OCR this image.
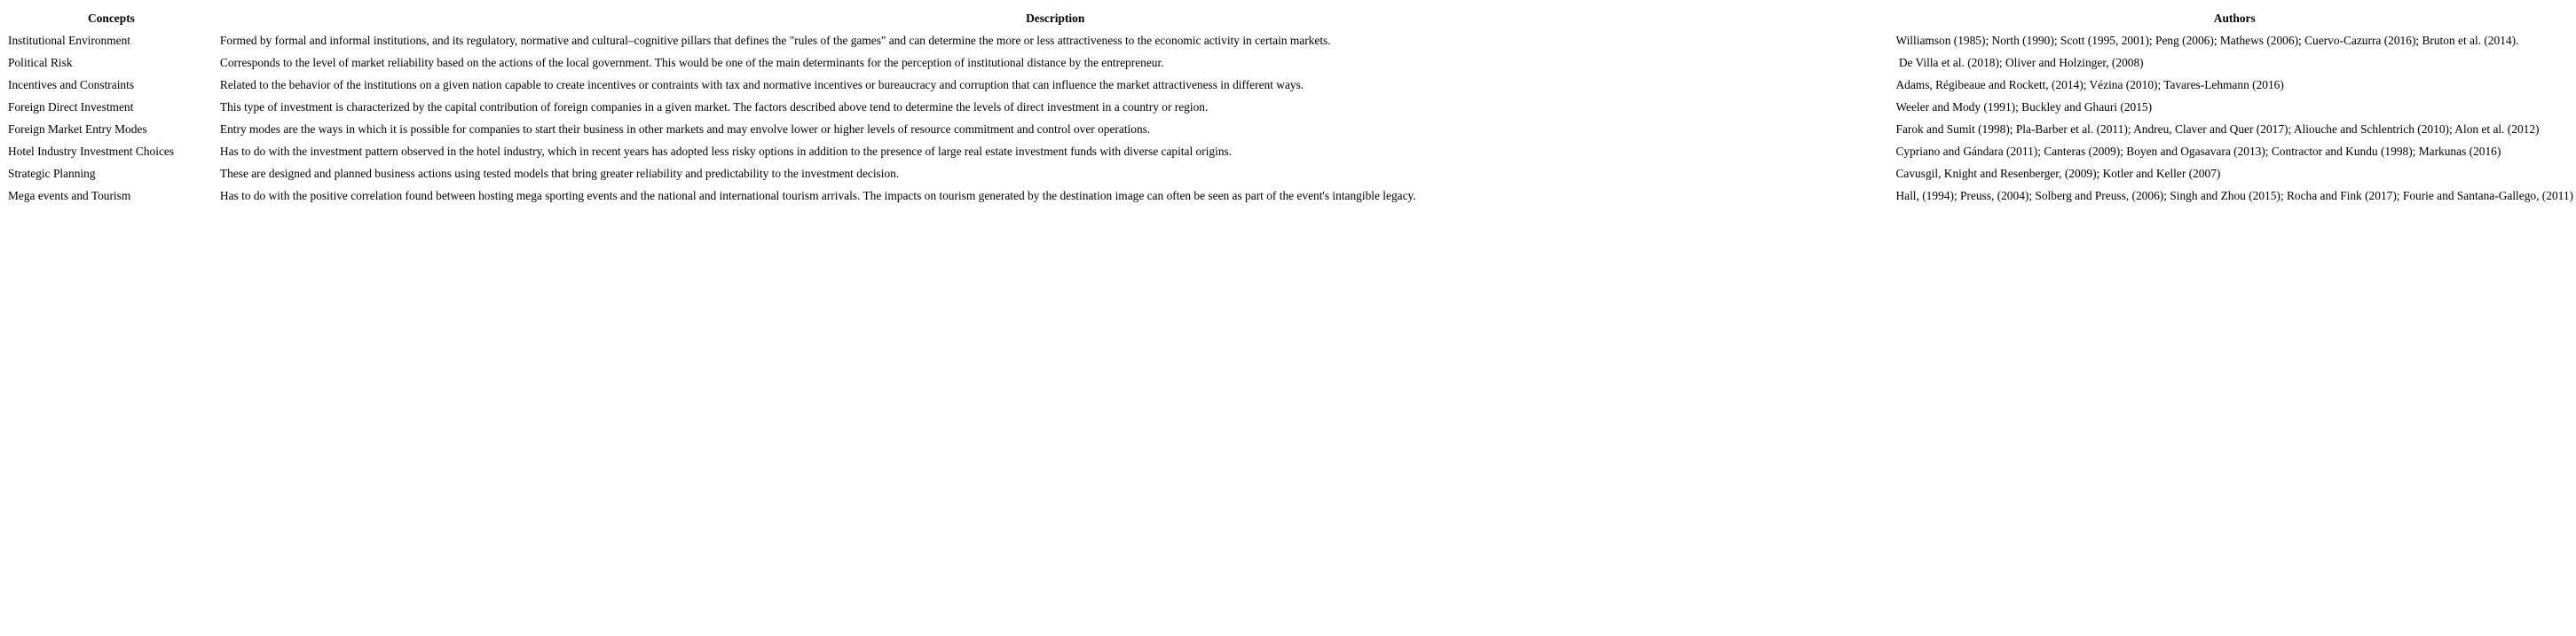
Concepts	Description	Authors
Institutional Environment	Formed by formal and informal institutions, and its regulatory, normative and cultural–cognitive pillars that defines the "rules of the games" and can determine the more or less attractiveness to the economic activity in certain markets.	Williamson (1985); North (1990); Scott (1995, 2001); Peng (2006); Mathews (2006); Cuervo-Cazurra (2016); Bruton et al. (2014).
Political Risk	Corresponds to the level of market reliability based on the actions of the local government. This would be one of the main determinants for the perception of institutional distance by the entrepreneur.	De Villa et al. (2018); Oliver and Holzinger, (2008)
Incentives and Constraints	Related to the behavior of the institutions on a given nation capable to create incentives or contraints with tax and normative incentives or bureaucracy and corruption that can influence the market attractiveness in different ways.	Adams, Régibeaue and Rockett, (2014); Vézina (2010); Tavares-Lehmann (2016)
Foreign Direct Investment	This type of investment is characterized by the capital contribution of foreign companies in a given market. The factors described above tend to determine the levels of direct investment in a country or region.	Weeler and Mody (1991); Buckley and Ghauri (2015)
Foreign Market Entry Modes	Entry modes are the ways in which it is possible for companies to start their business in other markets and may envolve lower or higher levels of resource commitment and control over operations.	Farok and Sumit (1998); Pla-Barber et al. (2011); Andreu, Claver and Quer (2017); Aliouche and Schlentrich (2010); Alon et al. (2012)
Hotel Industry Investment Choices	Has to do with the investment pattern observed in the hotel industry, which in recent years has adopted less risky options in addition to the presence of large real estate investment funds with diverse capital origins.	Cypriano and Gándara (2011); Canteras (2009); Boyen and Ogasavara (2013); Contractor and Kundu (1998); Markunas (2016)
Strategic Planning	These are designed and planned business actions using tested models that bring greater reliability and predictability to the investment decision.	Cavusgil, Knight and Resenberger, (2009); Kotler and Keller (2007)
Mega events and Tourism	Has to do with the positive correlation found between hosting mega sporting events and the national and international tourism arrivals. The impacts on tourism generated by the destination image can often be seen as part of the event's intangible legacy.	Hall, (1994); Preuss, (2004); Solberg and Preuss, (2006); Singh and Zhou (2015); Rocha and Fink (2017); Fourie and Santana-Gallego, (2011)
